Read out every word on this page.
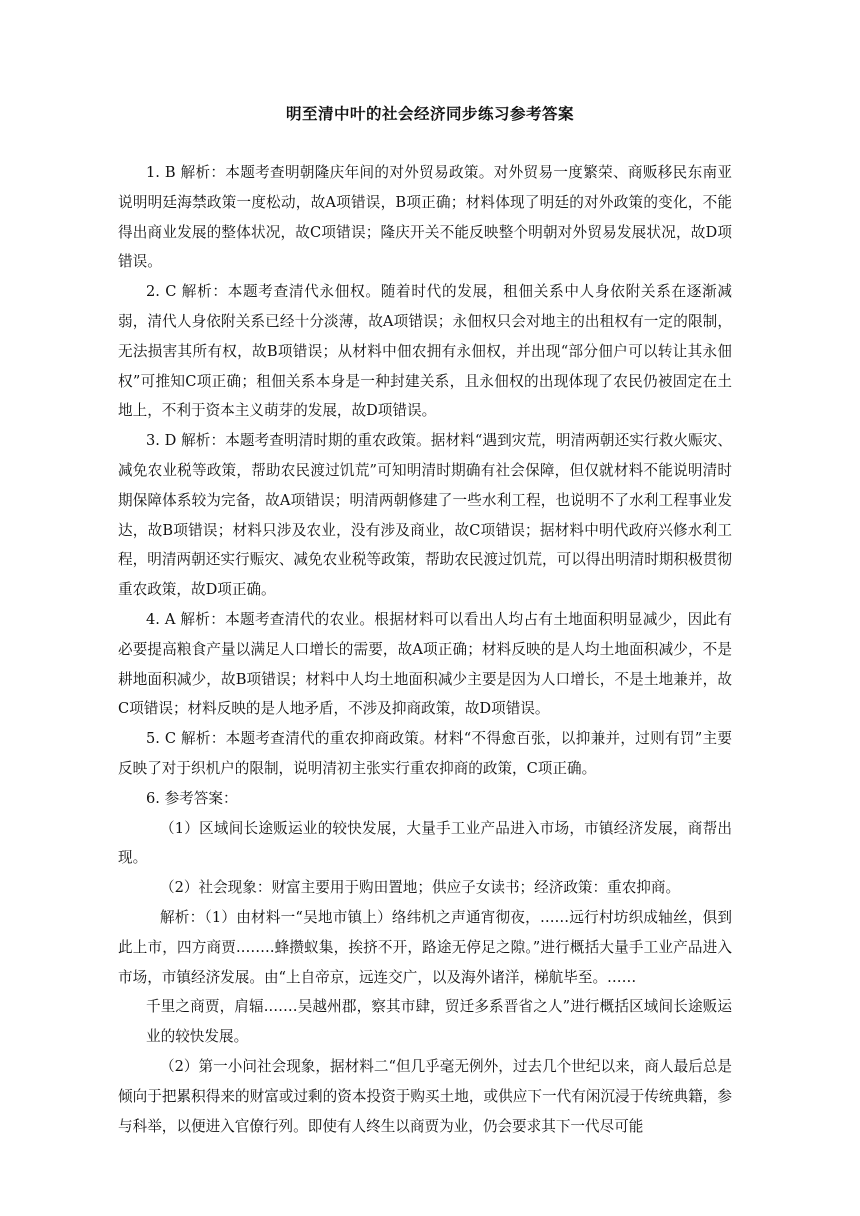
明至清中叶的社会经济同步练习参考答案

1. B 解析：本题考查明朝隆庆年间的对外贸易政策。对外贸易一度繁荣、商贩移民东南亚说明明廷海禁政策一度松动，故A项错误，B项正确；材料体现了明廷的对外政策的变化，不能得出商业发展的整体状况，故C项错误；隆庆开关不能反映整个明朝对外贸易发展状况，故D项错误。

2. C 解析：本题考查清代永佃权。随着时代的发展，租佃关系中人身依附关系在逐渐减弱，清代人身依附关系已经十分淡薄，故A项错误；永佃权只会对地主的出租权有一定的限制，无法损害其所有权，故B项错误；从材料中佃农拥有永佃权，并出现“部分佃户可以转让其永佃权”可推知C项正确；租佃关系本身是一种封建关系，且永佃权的出现体现了农民仍被固定在土地上，不利于资本主义萌芽的发展，故D项错误。

3. D 解析：本题考查明清时期的重农政策。据材料“遇到灾荒，明清两朝还实行救火赈灾、减免农业税等政策，帮助农民渡过饥荒”可知明清时期确有社会保障，但仅就材料不能说明清时期保障体系较为完备，故A项错误；明清两朝修建了一些水利工程，也说明不了水利工程事业发达，故B项错误；材料只涉及农业，没有涉及商业，故C项错误；据材料中明代政府兴修水利工程，明清两朝还实行赈灾、减免农业税等政策，帮助农民渡过饥荒，可以得出明清时期积极贯彻重农政策，故D项正确。

4. A 解析：本题考查清代的农业。根据材料可以看出人均占有土地面积明显减少，因此有必要提高粮食产量以满足人口增长的需要，故A项正确；材料反映的是人均土地面积减少，不是耕地面积减少，故B项错误；材料中人均土地面积减少主要是因为人口增长，不是土地兼并，故C项错误；材料反映的是人地矛盾，不涉及抑商政策，故D项错误。

5. C 解析：本题考查清代的重农抑商政策。材料“不得愈百张，以抑兼并，过则有罚”主要反映了对于织机户的限制，说明清初主张实行重农抑商的政策，C项正确。

6. 参考答案：

（1）区域间长途贩运业的较快发展，大量手工业产品进入市场，市镇经济发展，商帮出现。

（2）社会现象：财富主要用于购田置地；供应子女读书；经济政策：重农抑商。

解析：（1）由材料一“吴地市镇上）络纬机之声通宵彻夜，……远行村坊织成轴丝，俱到此上市，四方商贾.…….蜂攒蚁集，挨挤不开，路途无停足之隙。”进行概括大量手工业产品进入市场，市镇经济发展。由“上自帝京，远连交广，以及海外诸洋，梯航毕至。……

千里之商贾，肩辐.……吴越州郡，察其市肆，贸迁多系晋省之人”进行概括区域间长途贩运业的较快发展。

（2）第一小问社会现象，据材料二“但几乎毫无例外，过去几个世纪以来，商人最后总是倾向于把累积得来的财富或过剩的资本投资于购买土地，或供应下一代有闲沉浸于传统典籍，参与科举，以便进入官僚行列。即使有人终生以商贾为业，仍会要求其下一代尽可能
